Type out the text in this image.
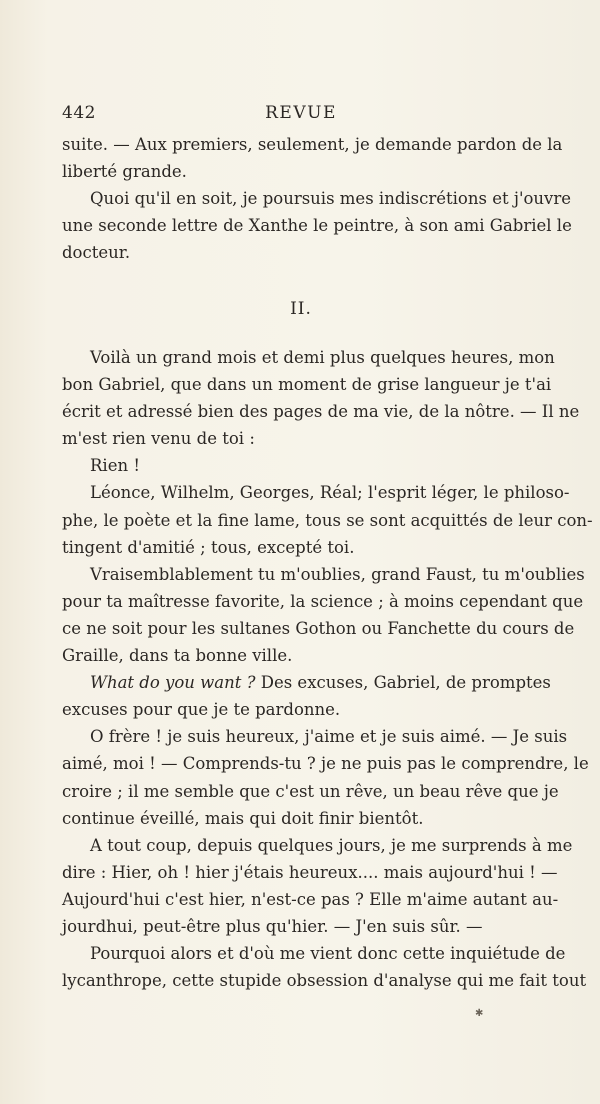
442	REVUE
suite. — Aux premiers, seulement, je demande pardon de la
liberté grande.
Quoi qu'il en soit, je poursuis mes indiscrétions et j'ouvre
une seconde lettre de Xanthe le peintre, à son ami Gabriel le
docteur.
II.
Voilà un grand mois et demi plus quelques heures, mon
bon Gabriel, que dans un moment de grise langueur je t'ai
écrit et adressé bien des pages de ma vie, de la nôtre. — Il ne
m'est rien venu de toi :
Rien !
Léonce, Wilhelm, Georges, Réal; l'esprit léger, le philoso-
phe, le poète et la fine lame, tous se sont acquittés de leur con-
tingent d'amitié ; tous, excepté toi.
Vraisemblablement tu m'oublies, grand Faust, tu m'oublies
pour ta maîtresse favorite, la science ; à moins cependant que
ce ne soit pour les sultanes Gothon ou Fanchette du cours de
Graille, dans ta bonne ville.
What do you want ? Des excuses, Gabriel, de promptes
excuses pour que je te pardonne.
O frère ! je suis heureux, j'aime et je suis aimé. — Je suis
aimé, moi ! — Comprends-tu ? je ne puis pas le comprendre, le
croire ; il me semble que c'est un rêve, un beau rêve que je
continue éveillé, mais qui doit finir bientôt.
A tout coup, depuis quelques jours, je me surprends à me
dire : Hier, oh ! hier j'étais heureux.... mais aujourd'hui ! —
Aujourd'hui c'est hier, n'est-ce pas ? Elle m'aime autant au-
jourdhui, peut-être plus qu'hier. — J'en suis sûr. —
Pourquoi alors et d'où me vient donc cette inquiétude de
lycanthrope, cette stupide obsession d'analyse qui me fait tout
✱
